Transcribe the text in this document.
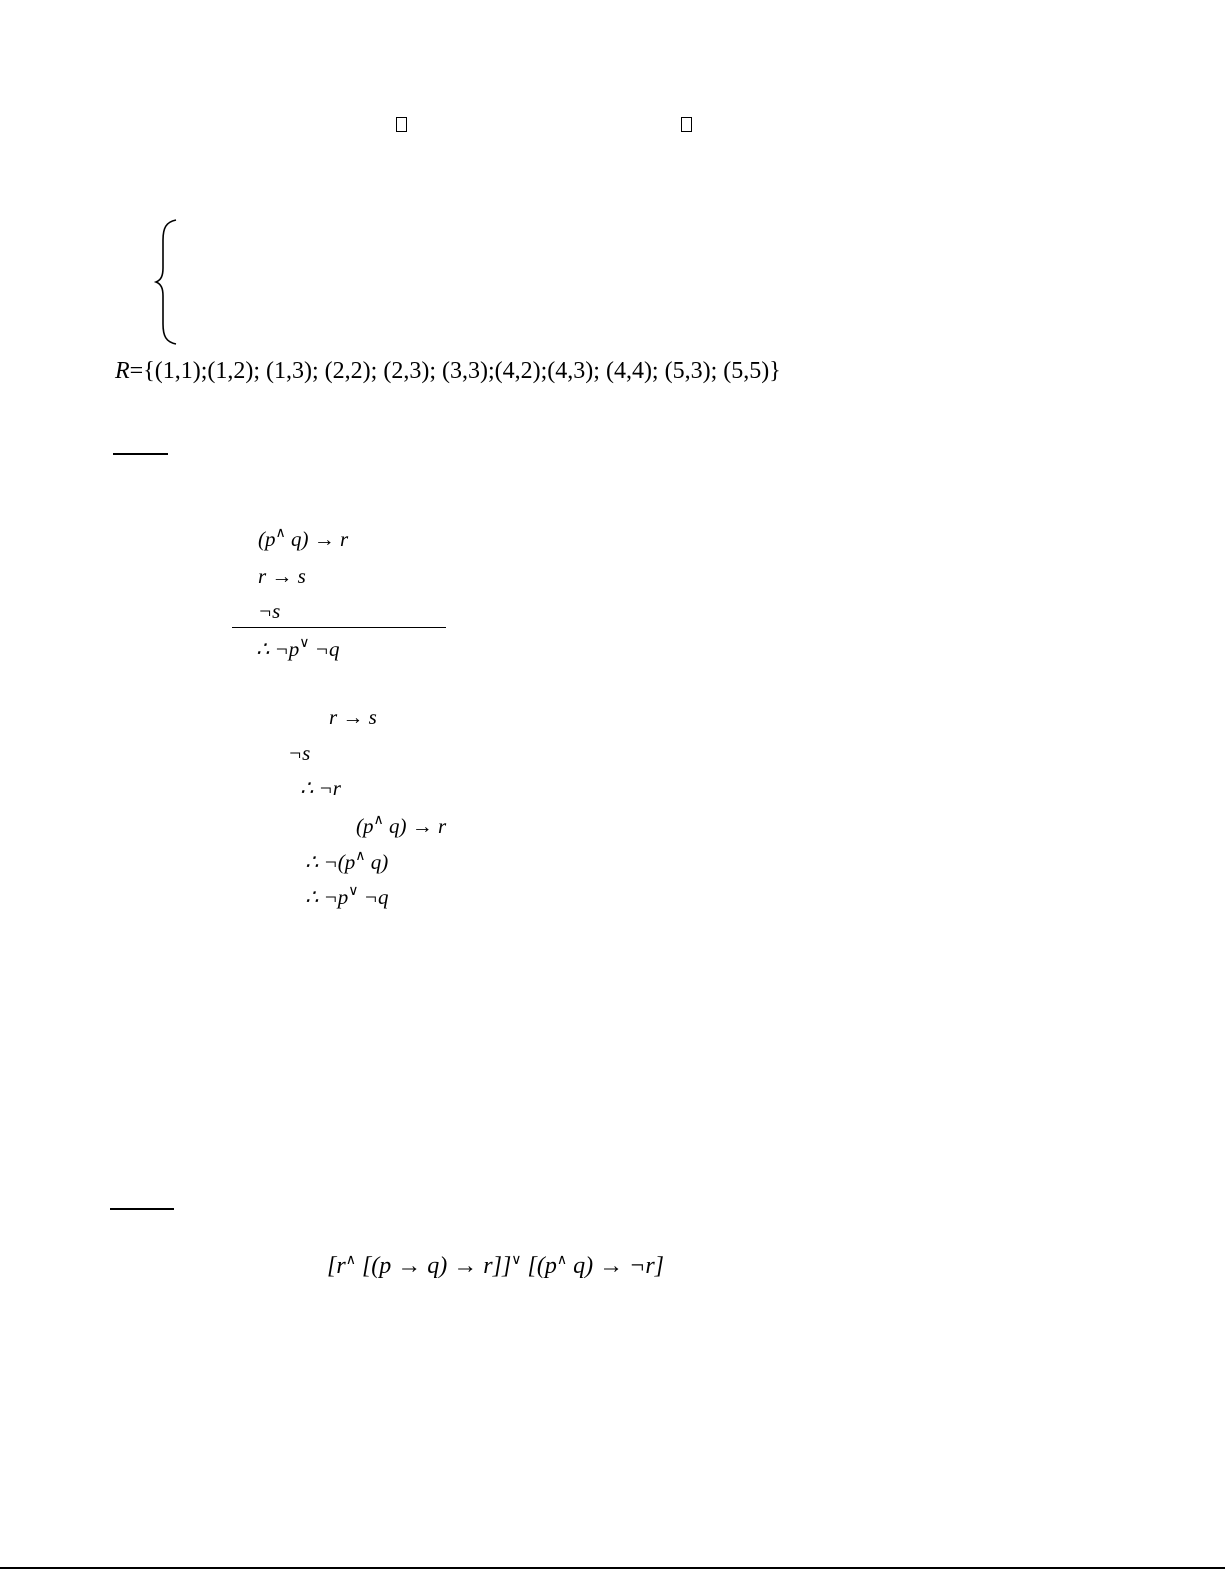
R={(1,1);(1,2); (1,3); (2,2); (2,3); (3,3);(4,2);(4,3); (4,4); (5,3); (5,5)}
(p∧ q) → r
r → s
¬s
∴ ¬p∨ ¬q
r → s
¬s
∴ ¬r
(p∧ q) → r
∴ ¬(p∧ q)
∴ ¬p∨ ¬q
[r∧ [(p → q) → r]]∨ [(p∧ q) → ¬r]
